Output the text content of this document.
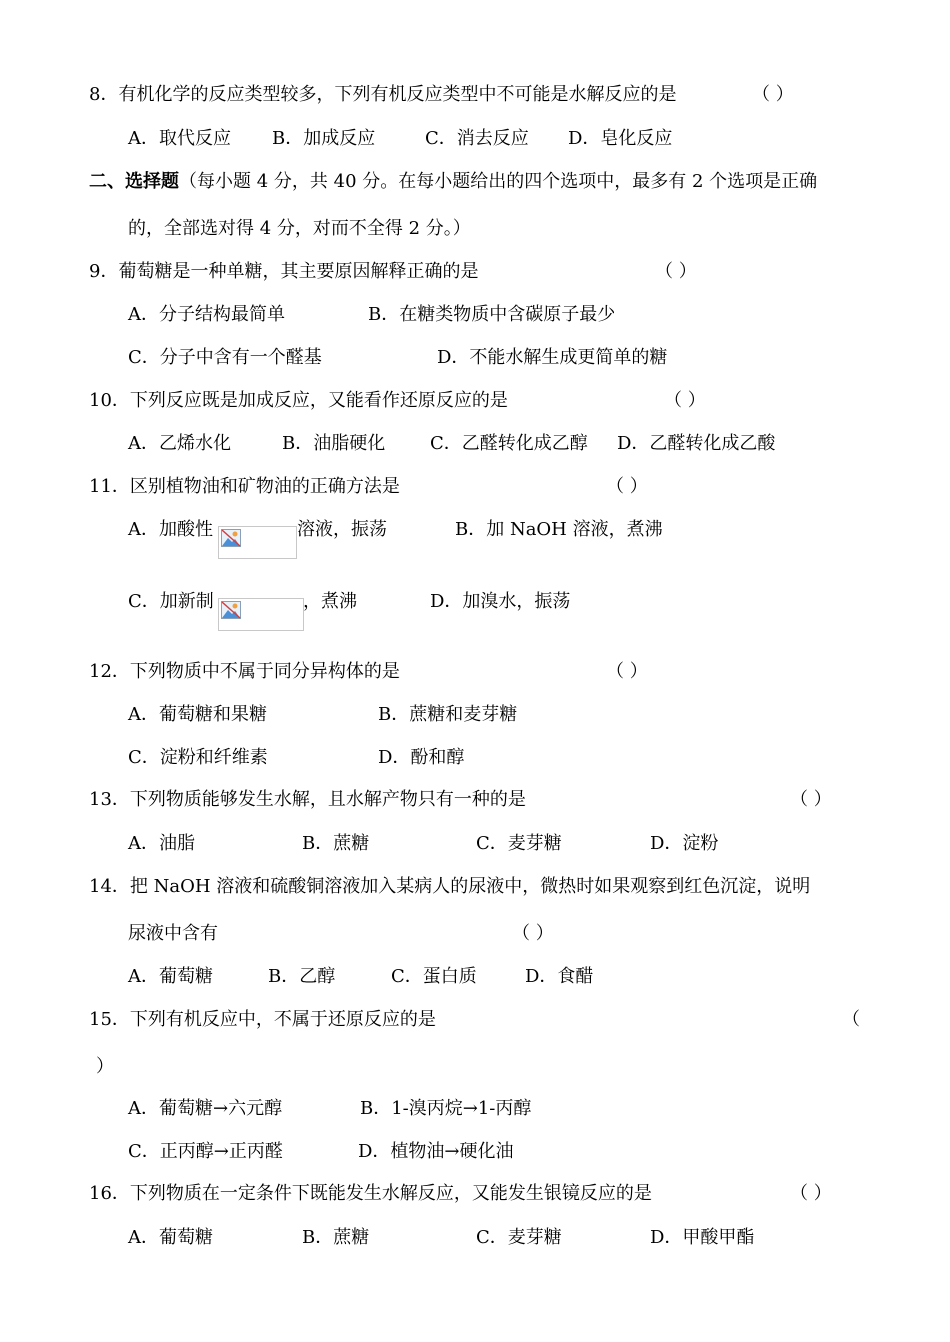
8．有机化学的反应类型较多，下列有机反应类型中不可能是水解反应的是	（ ）
A．取代反应 B．加成反应	C．消去反应 D．皂化反应
二、选择题（每小题 4 分，共 40 分。在每小题给出的四个选项中，最多有 2 个选项是正确
的，全部选对得 4 分，对而不全得 2 分。）
9．葡萄糖是一种单糖，其主要原因解释正确的是	（ ）
A．分子结构最简单	B．在糖类物质中含碳原子最少
C．分子中含有一个醛基	D．不能水解生成更简单的糖
10．下列反应既是加成反应，又能看作还原反应的是	（ ）
A．乙烯水化	B．油脂硬化 C．乙醛转化成乙醇 D．乙醛转化成乙酸
11．区别植物油和矿物油的正确方法是	（ ）
A．加酸性	溶液，振荡	B．加 NaOH 溶液，煮沸
C．加新制	，煮沸	D．加溴水，振荡
12．下列物质中不属于同分异构体的是	（ ）
A．葡萄糖和果糖	B．蔗糖和麦芽糖
C．淀粉和纤维素	D．酚和醇
13．下列物质能够发生水解，且水解产物只有一种的是	（ ）
A．油脂	B．蔗糖	C．麦芽糖	D．淀粉
14．把 NaOH 溶液和硫酸铜溶液加入某病人的尿液中，微热时如果观察到红色沉淀，说明
尿液中含有	（ ）
A．葡萄糖	B．乙醇	C．蛋白质	D．食醋
15．下列有机反应中，不属于还原反应的是	（
）
A．葡萄糖→六元醇	B．1-溴丙烷→1-丙醇
C．正丙醇→正丙醛	D．植物油→硬化油
16．下列物质在一定条件下既能发生水解反应，又能发生银镜反应的是	（ ）
A．葡萄糖	B．蔗糖	C．麦芽糖	D．甲酸甲酯
